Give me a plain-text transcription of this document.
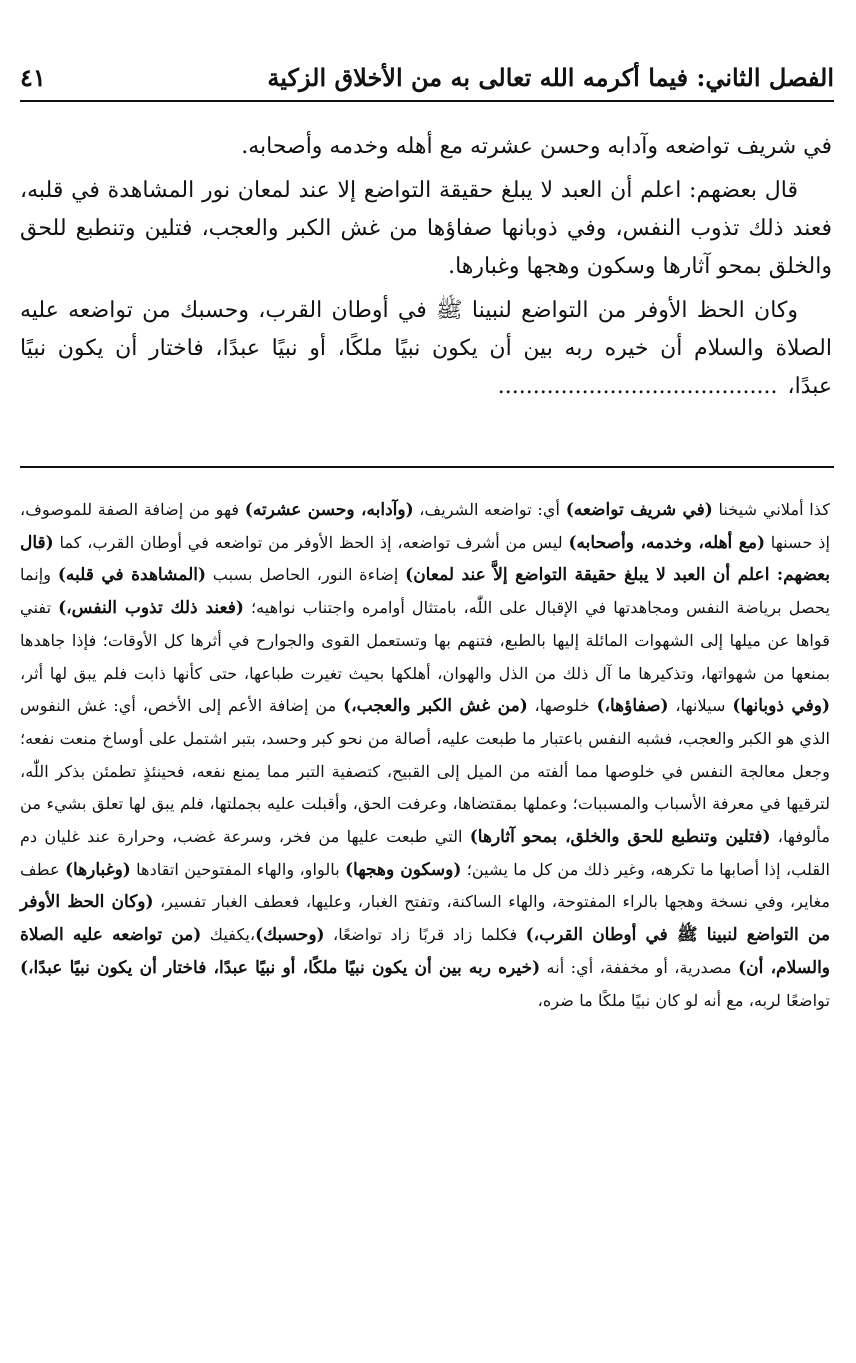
الفصل الثاني: فيما أكرمه الله تعالى به من الأخلاق الزكية
٤١

في شريف تواضعه وآدابه وحسن عشرته مع أهله وخدمه وأصحابه.

قال بعضهم: اعلم أن العبد لا يبلغ حقيقة التواضع إلا عند لمعان نور المشاهدة في قلبه، فعند ذلك تذوب النفس، وفي ذوبانها صفاؤها من غش الكبر والعجب، فتلين وتنطبع للحق والخلق بمحو آثارها وسكون وهجها وغبارها.

وكان الحظ الأوفر من التواضع لنبينا ﷺ في أوطان القرب، وحسبك من تواضعه عليه الصلاة والسلام أن خيره ربه بين أن يكون نبيًا ملكًا، أو نبيًا عبدًا، فاختار أن يكون نبيًا عبدًا،........................................

كذا أملاني شيخنا (في شريف تواضعه) أي: تواضعه الشريف، (وآدابه، وحسن عشرته) فهو من إضافة الصفة للموصوف، إذ حسنها (مع أهله، وخدمه، وأصحابه) ليس من أشرف تواضعه، إذ الحظ الأوفر من تواضعه في أوطان القرب، كما (قال بعضهم: اعلم أن العبد لا يبلغ حقيقة التواضع إلاَّ عند لمعان) إضاءة النور، الحاصل بسبب (المشاهدة في قلبه) وإنما يحصل برياضة النفس ومجاهدتها في الإقبال على اللّٰه، بامتثال أوامره واجتناب نواهيه؛ (فعند ذلك تذوب النفس،) تفني قواها عن ميلها إلى الشهوات المائلة إليها بالطبع، فتنهم بها وتستعمل القوى والجوارح في أثرها كل الأوقات؛ فإذا جاهدها بمنعها من شهواتها، وتذكيرها ما آل ذلك من الذل والهوان، أهلكها بحيث تغيرت طباعها، حتى كأنها ذابت فلم يبق لها أثر، (وفي ذوبانها) سيلانها، (صفاؤها،) خلوصها، (من غش الكبر والعجب،) من إضافة الأعم إلى الأخص، أي: غش النفوس الذي هو الكبر والعجب، فشبه النفس باعتبار ما طبعت عليه، أصالة من نحو كبر وحسد، بتبر اشتمل على أوساخ منعت نفعه؛ وجعل معالجة النفس في خلوصها مما ألفته من الميل إلى القبيح، كتصفية التبر مما يمنع نفعه، فحينئذٍ تطمئن بذكر اللّٰه، لترقيها في معرفة الأسباب والمسببات؛ وعملها بمقتضاها، وعرفت الحق، وأقبلت عليه بجملتها، فلم يبق لها تعلق بشيء من مألوفها، (فتلين وتنطبع للحق والخلق، بمحو آثارها) التي طبعت عليها من فخر، وسرعة غضب، وحرارة عند غليان دم القلب، إذا أصابها ما تكرهه، وغير ذلك من كل ما يشين؛ (وسكون وهجها) بالواو، والهاء المفتوحين اتقادها (وغبارها) عطف مغاير، وفي نسخة وهجها بالراء المفتوحة، والهاء الساكنة، وتفتح الغبار، وعليها، فعطف الغبار تفسير، (وكان الحظ الأوفر من التواضع لنبينا ﷺ في أوطان القرب،) فكلما زاد قربًا زاد تواضعًا، (وحسبك)،يكفيك (من تواضعه عليه الصلاة والسلام، أن) مصدرية، أو مخففة، أي: أنه (خيره ربه بين أن يكون نبيًا ملكًا، أو نبيًا عبدًا، فاختار أن يكون نبيًا عبدًا،) تواضعًا لربه، مع أنه لو كان نبيًا ملكًا ما ضره،
